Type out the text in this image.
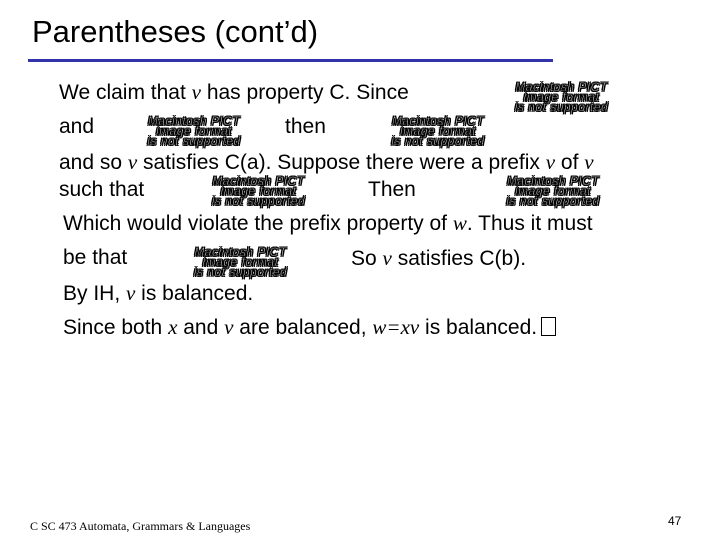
Parentheses (cont’d)
We claim that v has property C. Since	Macintosh PICT
image format
is not supported
and	Macintosh PICT
image format
is not supported
then	Macintosh PICT
image format
is not supported
and so v satisfies C(a). Suppose there were a prefix v of v
such that	Macintosh PICT
image format
is not supported	Then	Macintosh PICT
image format
is not supported
Which would violate the prefix property of w. Thus it must
be that	Macintosh PICT
image format
is not supported
So v satisfies C(b).
By IH, v is balanced.
Since both x and v are balanced, w=xv is balanced.
C SC 473 Automata, Grammars & Languages	47
